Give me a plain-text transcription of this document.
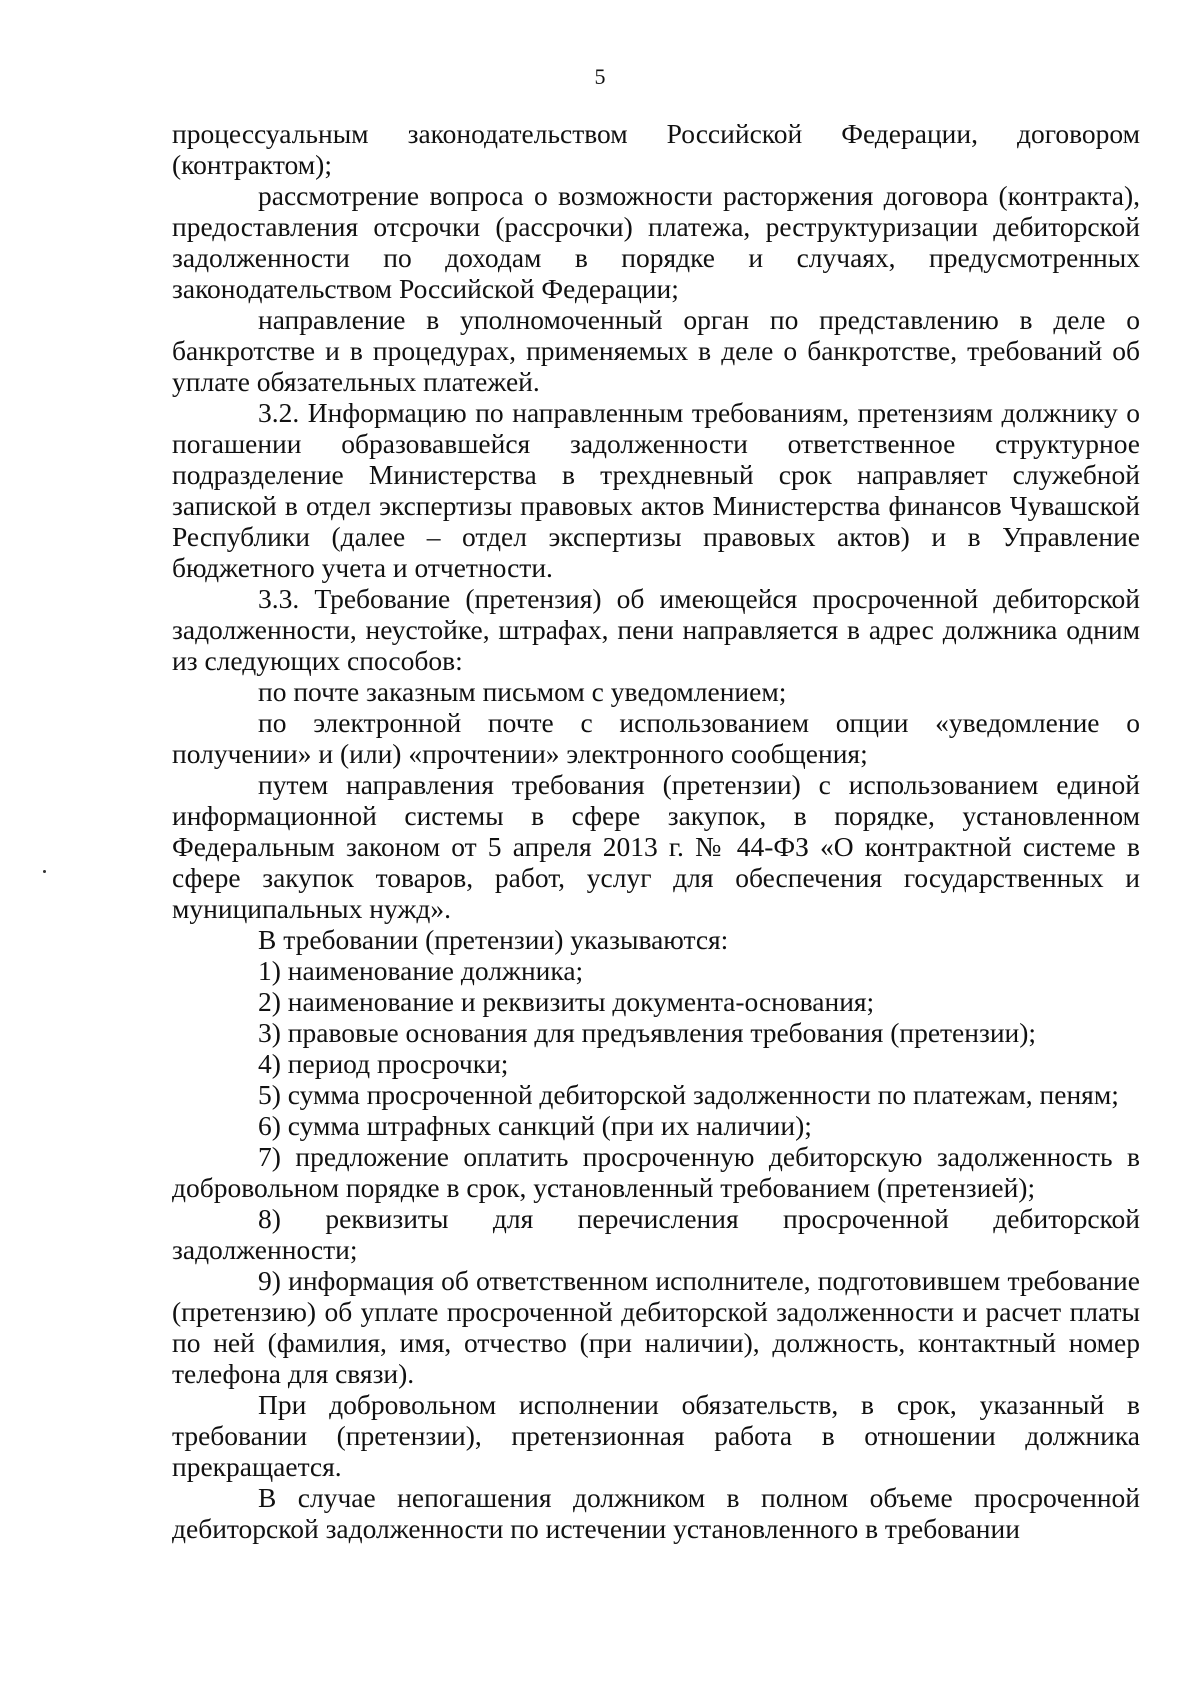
5

процессуальным законодательством Российской Федерации, договором (контрактом);

рассмотрение вопроса о возможности расторжения договора (контракта), предоставления отсрочки (рассрочки) платежа, реструктуризации дебиторской задолженности по доходам в порядке и случаях, предусмотренных законодательством Российской Федерации;

направление в уполномоченный орган по представлению в деле о банкротстве и в процедурах, применяемых в деле о банкротстве, требований об уплате обязательных платежей.

3.2. Информацию по направленным требованиям, претензиям должнику о погашении образовавшейся задолженности ответственное структурное подразделение Министерства в трехдневный срок направляет служебной запиской в отдел экспертизы правовых актов Министерства финансов Чувашской Республики (далее – отдел экспертизы правовых актов) и в Управление бюджетного учета и отчетности.

3.3. Требование (претензия) об имеющейся просроченной дебиторской задолженности, неустойке, штрафах, пени направляется в адрес должника одним из следующих способов:

по почте заказным письмом с уведомлением;

по электронной почте с использованием опции «уведомление о получении» и (или) «прочтении» электронного сообщения;

путем направления требования (претензии) с использованием единой информационной системы в сфере закупок, в порядке, установленном Федеральным законом от 5 апреля 2013 г. № 44-ФЗ «О контрактной системе в сфере закупок товаров, работ, услуг для обеспечения государственных и муниципальных нужд».

В требовании (претензии) указываются:

1) наименование должника;

2) наименование и реквизиты документа-основания;

3) правовые основания для предъявления требования (претензии);

4) период просрочки;

5) сумма просроченной дебиторской задолженности по платежам, пеням;

6) сумма штрафных санкций (при их наличии);

7) предложение оплатить просроченную дебиторскую задолженность в добровольном порядке в срок, установленный требованием (претензией);

8) реквизиты для перечисления просроченной дебиторской задолженности;

9) информация об ответственном исполнителе, подготовившем требование (претензию) об уплате просроченной дебиторской задолженности и расчет платы по ней (фамилия, имя, отчество (при наличии), должность, контактный номер телефона для связи).

При добровольном исполнении обязательств, в срок, указанный в требовании (претензии), претензионная работа в отношении должника прекращается.

В случае непогашения должником в полном объеме просроченной дебиторской задолженности по истечении установленного в требовании
